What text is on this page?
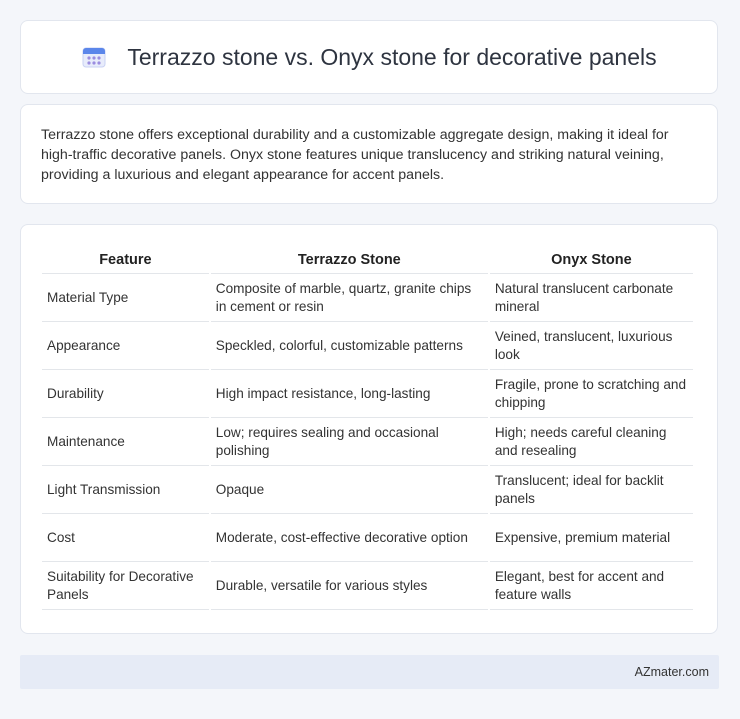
Terrazzo stone vs. Onyx stone for decorative panels

Terrazzo stone offers exceptional durability and a customizable aggregate design, making it ideal for high-traffic decorative panels. Onyx stone features unique translucency and striking natural veining, providing a luxurious and elegant appearance for accent panels.

Feature	Terrazzo Stone	Onyx Stone
Material Type	Composite of marble, quartz, granite chips in cement or resin	Natural translucent carbonate mineral
Appearance	Speckled, colorful, customizable patterns	Veined, translucent, luxurious look
Durability	High impact resistance, long-lasting	Fragile, prone to scratching and chipping
Maintenance	Low; requires sealing and occasional polishing	High; needs careful cleaning and resealing
Light Transmission	Opaque	Translucent; ideal for backlit panels
Cost	Moderate, cost-effective decorative option	Expensive, premium material
Suitability for Decorative Panels	Durable, versatile for various styles	Elegant, best for accent and feature walls
AZmater.com
